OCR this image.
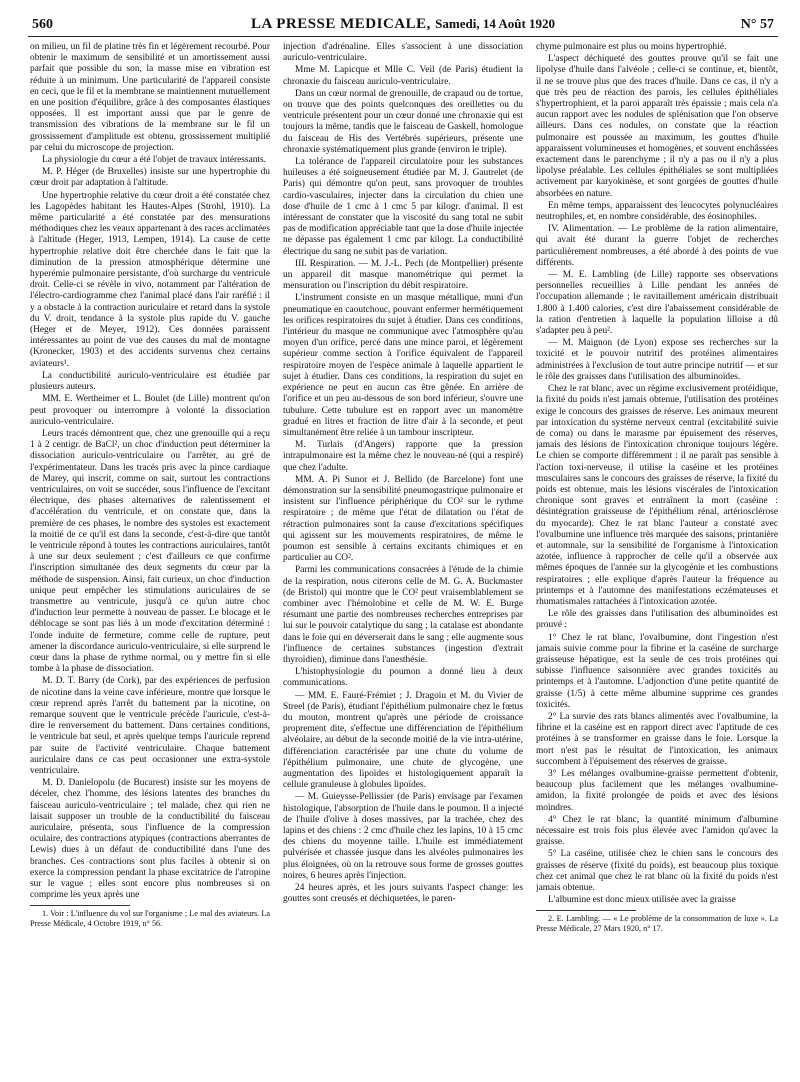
560	LA PRESSE MEDICALE, Samedi, 14 Août 1920	N° 57

on milieu, un fil de platine très fin et légèrement recourbé. Pour obtenir le maximum de sensibilité et un amortissement aussi parfait que possible du son, la masse mise en vibration est réduite à un minimum. Une particularité de l'appareil consiste en ceci, que le fil et la membrane se maintiennent mutuellement en une position d'équilibre, grâce à des composantes élastiques opposées. Il est important aussi que par le genre de transmission des vibrations de la membrane sur le fil un grossissement d'amplitude est obtenu, grossissement multiplié par celui du microscope de projection.

La physiologie du cœur a été l'objet de travaux intéressants.

M. P. Héger (de Bruxelles) insiste sur une hypertrophie du cœur droit par adaptation à l'altitude.

Une hypertrophie relative du cœur droit a été constatée chez les Lagopèdes habitant les Hautes-Alpes (Strohl, 1910). La même particularité a été constatée par des mensurations méthodiques chez les veaux appartenant à des races acclimatées à l'altitude (Heger, 1913, Lempen, 1914). La cause de cette hypertrophie relative doit être cherchée dans le fait que la diminution de la pression atmosphérique détermine une hyperémie pulmonaire persistante, d'où surcharge du ventricule droit. Celle-ci se révèle in vivo, notamment par l'altération de l'électro-cardiogramme chez l'animal placé dans l'air raréfié : il y a obstacle à la contraction auriculaire et retard dans la systole du V. droit, tendance à la systole plus rapide du V. gauche (Heger et de Meyer, 1912). Ces données paraissent intéressantes au point de vue des causes du mal de montagne (Kronecker, 1903) et des accidents survenus chez certains aviateurs¹.

La conductibilité auriculo-ventriculaire est étudiée par plusieurs auteurs.

MM. E. Wertheimer et L. Boulet (de Lille) montrent qu'on peut provoquer ou interrompre à volonté la dissociation auriculo-ventriculaire.

Leurs tracés démontrent que, chez une grenouille qui a reçu 1 à 2 centigr. de BaCl², un choc d'induction peut déterminer la dissociation auriculo-ventriculaire ou l'arrêter, au gré de l'expérimentateur. Dans les tracés pris avec la pince cardiaque de Marey, qui inscrit, comme on sait, surtout les contractions ventriculaires, on voit se succéder, sous l'influence de l'excitant électrique, des phases alternatives de ralentissement et d'accélération du ventricule, et on constate que, dans la première de ces phases, le nombre des systoles est exactement la moitié de ce qu'il est dans la seconde, c'est-à-dire que tantôt le ventricule répond à toutes les contractions auriculaires, tantôt à une sur deux seulement ; c'est d'ailleurs ce que confirme l'inscription simultanée des deux segments du cœur par la méthode de suspension. Ainsi, fait curieux, un choc d'induction unique peut empêcher les stimulations auriculaires de se transmettre au ventricule, jusqu'à ce qu'un autre choc d'induction leur permette à nouveau de passer. Le blocage et le déblocage se sont pas liés à un mode d'excitation déterminé : l'onde induite de fermeture, comme celle de rupture, peut amener la discordance auriculo-ventriculaire, si elle surprend le cœur dans la phase de rythme normal, ou y mettre fin si elle tombe à la phase de dissociation.

M. D. T. Barry (de Cork), par des expériences de perfusion de nicotine dans la veine cave inférieure, montre que lorsque le cœur reprend après l'arrêt du battement par la nicotine, on remarque souvent que le ventricule précède l'auricule, c'est-à-dire le renversement du battement. Dans certaines conditions, le ventricule bat seul, et après quelque temps l'auricule reprend par suite de l'activité ventriculaire. Chaque battement auriculaire dans ce cas peut occasionner une extra-systole ventriculaire.

M. D. Danielopolu (de Bucarest) insiste sur les moyens de déceler, chez l'homme, des lésions latentes des branches du faisceau auriculo-ventriculaire ; tel malade, chez qui rien ne laisait supposer un trouble de la conductibilité du faisceau auriculaire, présenta, sous l'influence de la compression oculaire, des contractions atypiques (contractions aberrantes de Lewis) dues à un défaut de conductibilité dans l'une des branches. Ces contractions sont plus faciles à obtenir si on exerce la compression pendant la phase excitatrice de l'atropine sur le vague ; elles sont encore plus nombreuses si on comprime les yeux après une

1. Voir : L'influence du vol sur l'organisme ; Le mal des aviateurs. La Presse Médicale, 4 Octobre 1919, n° 56.

injection d'adrénaline. Elles s'associent à une dissociation auriculo-ventriculaire.

Mme M. Lapicque et Mlle C. Veil (de Paris) étudient la chronaxie du faisceau auriculo-ventriculaire.

Dans un cœur normal de grenouille, de crapaud ou de tortue, on trouve que des points quelconques des oreillettes ou du ventricule présentent pour un cœur donné une chronaxie qui est toujours la même, tandis que le faisceau de Gaskell, homologue du faisceau de His des Vertébrés supérieurs, présente une chronaxie systématiquement plus grande (environ le triple).

La tolérance de l'appareil circulatoire pour les substances huileuses a été soigneusement étudiée par M. J. Gautrelet (de Paris) qui démontre qu'on peut, sans provoquer de troubles cardio-vasculaires, injecter dans la circulation du chien une dose d'huile de 1 cmc à 1 cmc 5 par kilogr. d'animal. Il est intéressant de constater que la viscosité du sang total ne subit pas de modification appréciable tant que la dose d'huile injectée ne dépasse pas également 1 cmc par kilogr. La conductibilité électrique du sang ne subit pas de variation.

III. Respiration. — M. J.-L. Pech (de Montpellier) présente un appareil dit masque manométrique qui permet la mensuration ou l'inscription du débit respiratoire.

L'instrument consiste en un masque métallique, muni d'un pneumatique en caoutchouc, pouvant enfermer hermétiquement les orifices respiratoires du sujet à étudier. Dans ces conditions, l'intérieur du masque ne communique avec l'atmosphère qu'au moyen d'un orifice, percé dans une mince paroi, et légèrement supérieur comme section à l'orifice équivalent de l'appareil respiratoire moyen de l'espèce animale à laquelle appartient le sujet à étudier. Dans ces conditions, la respiration du sujet en expérience ne peut en aucun cas être gênée. En arrière de l'orifice et un peu au-dessous de son bord inférieur, s'ouvre une tubulure. Cette tubulure est en rapport avec un manomètre gradué en litres et fraction de litre d'air à la seconde, et peut simultanément être reliée à un tambour inscripteur.

M. Turlais (d'Angers) rapporte que la pression intrapulmonaire est la même chez le nouveau-né (qui a respiré) que chez l'adulte.

MM. A. Pi Sunor et J. Bellido (de Barcelone) font une démonstration sur la sensibilité pneumogastrique pulmonaire et insistent sur l'influence périphérique du CO² sur le rythme respiratoire ; de même que l'état de dilatation ou l'état de rétraction pulmonaires sont la cause d'excitations spécifiques qui agissent sur les mouvements respiratoires, de même le poumon est sensible à certains excitants chimiques et en particulier au CO².

Parmi les communications consacrées à l'étude de la chimie de la respiration, nous citerons celle de M. G. A. Buckmaster (de Bristol) qui montre que le CO² peut vraisemblablement se combiner avec l'hémolobine et celle de M. W. E. Burge résumant une partie des nombreuses recherches entreprises par lui sur le pouvoir catalytique du sang ; la catalase est abondante dans le foie qui en déverserait dans le sang ; elle augmente sous l'influence de certaines substances (ingestion d'extrait thyroïdien), diminue dans l'anesthésie.

L'histophysiologie du poumon a donné lieu à deux communications.

— MM. E. Fauré-Frémiet ; J. Dragoiu et M. du Vivier de Streel (de Paris), étudiant l'épithélium pulmonaire chez le fœtus du mouton, montrent qu'après une période de croissance proprement dite, s'effectue une différenciation de l'épithélium alvéolaire, au début de la seconde moitié de la vie intra-utérine, différenciation caractérisée par une chute du volume de l'épithélium pulmonaire, une chute de glycogène, une augmentation des lipoïdes et histologiquement apparaît la cellule granuleuse à globules lipoïdes.

— M. Guieysse-Pellissier (de Paris) envisage par l'examen histologique, l'absorption de l'huile dans le poumon. Il a injecté de l'huile d'olive à doses massives, par la trachée, chez des lapins et des chiens : 2 cmc d'huile chez les lapins, 10 à 15 cmc des chiens du moyenne taille. L'huile est immédiatement pulvérisée et chassée jusque dans les alvéoles pulmonaires les plus éloignées, où on la retrouve sous forme de grosses gouttes noires, 6 heures après l'injection.

24 heures après, et les jours suivants l'aspect change: les gouttes sont creusés et déchiquetées, le paren-

chyme pulmonaire est plus ou moins hypertrophié.

L'aspect déchiqueté des gouttes prouve qu'il se fait une lipolyse d'huile dans l'alvéole ; celle-ci se continue, et, bientôt, il ne se trouve plus que des traces d'huile. Dans ce cas, il n'y a que très peu de réaction des parois, les cellules épithéliales s'hypertrophient, et la paroi apparaît très épaissie ; mais cela n'a aucun rapport avec les nodules de splénisation que l'on observe ailleurs. Dans ces nodules, on constate que la réaction pulmonaire est poussée au maximum, les gouttes d'huile apparaissent volumineuses et homogènes, et souvent enchâssées exactement dans le parenchyme ; il n'y a pas ou il n'y a plus lipolyse préalable. Les cellules épithéliales se sont multipliées activement par karyokinèse, et sont gorgées de gouttes d'huile absorbées en nature.

En même temps, apparaissent des leucocytes polynucléaires neutrophiles, et, en nombre considérable, des éosinophiles.

IV. Alimentation. — Le problème de la ration alimentaire, qui avait été durant la guerre l'objet de recherches particulièrement nombreuses, a été abordé à des points de vue différents.

— M. E. Lambling (de Lille) rapporte ses observations personnelles recueillies à Lille pendant les années de l'occupation allemande ; le ravitaillement américain distribuait 1.800 à 1.400 calories, c'est dire l'abaissement considérable de la ration d'entretien à laquelle la population lilloise a dû s'adapter peu à peu².

— M. Maignon (de Lyon) expose ses recherches sur la toxicité et le pouvoir nutritif des protéines alimentaires administrées à l'exclusion de tout autre principe nutritif — et sur le rôle des graisses dans l'utilisation des albuminoïdes.

Chez le rat blanc, avec un régime exclusivement protéidique, la fixité du poids n'est jamais obtenue, l'utilisation des protéines exige le concours des graisses de réserve. Les animaux meurent par intoxication du système nerveux central (excitabilité suivie de coma) ou dans le marasme par épuisement des réserves, jamais des lésions de l'intoxication chronique toujours légère. Le chien se comporte différemment : il ne paraît pas sensible à l'action toxi-nerveuse, il utilise la caséine et les protéines musculaires sans le concours des graisses de réserve, la fixité du poids est obtenue, mais les lésions viscérales de l'intoxication chronique sont graves et entraînent la mort (caséine : désintégration graisseuse de l'épithélium rénal, artériosclérose du myocarde). Chez le rat blanc l'auteur a constaté avec l'ovalbumine une influence très marquée des saisons, printanière et automnale, sur la sensibilité de l'organisme à l'intoxication azotée, influence à rapprocher de celle qu'il a observée aux mêmes époques de l'année sur la glycogénie et les combustions respiratoires ; elle explique d'après l'auteur la fréquence au printemps et à l'automne des manifestations eczémateuses et rhumatismales rattachées à l'intoxication azotée.

Le rôle des graisses dans l'utilisation des albuminoïdes est prouvé :

1° Chez le rat blanc, l'ovalbumine, dont l'ingestion n'est jamais suivie comme pour la fibrine et la caséine de surcharge graisseuse hépatique, est la seule de ces trois protéines qui subisse l'influence saisonnière avec grandes toxicités au printemps et à l'automne. L'adjonction d'une petite quantité de graisse (1/5) à cette même albumine supprime ces grandes toxicités.

2° La survie des rats blancs alimentés avec l'ovalbumine, la fibrine et la caséine est en rapport direct avec l'aptitude de ces protéines à se transformer en graisse dans le foie. Lorsque la mort n'est pas le résultat de l'intoxication, les animaux succombent à l'épuisement des réserves de graisse.

3° Les mélanges ovalbumine-graisse permettent d'obtenir, beaucoup plus facilement que les mélanges ovalbumine-amidon, la fixité prolongée de poids et avec des lésions moindres.

4° Chez le rat blanc, la quantité minimum d'albumine nécessaire est trois fois plus élevée avec l'amidon qu'avec la graisse.

5° La caséine, utilisée chez le chien sans le concours des graisses de réserve (fixité du poids), est beaucoup plus toxique chez cet animal que chez le rat blanc où la fixité du poids n'est jamais obtenue.

L'albumine est donc mieux utilisée avec la graisse

2. E. Lambling. — « Le problème de la consommation de luxe ». La Presse Médicale, 27 Mars 1920, n° 17.
